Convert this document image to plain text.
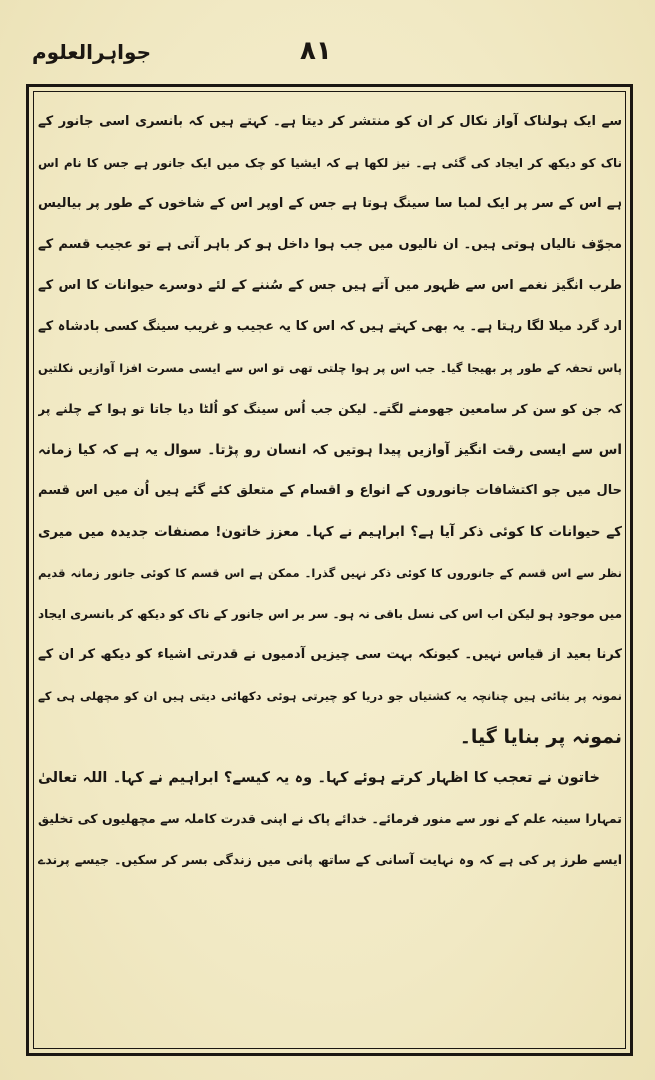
جواہرالعلوم	۸۱
سے ایک ہولناک آواز نکال کر ان کو منتشر کر دیتا ہے۔ کہتے ہیں کہ بانسری اسی جانور کے
ناک کو دیکھ کر ایجاد کی گئی ہے۔ نیز لکھا ہے کہ ایشیا کو چک میں ایک جانور ہے جس کا نام اس
ہے اس کے سر پر ایک لمبا سا سینگ ہوتا ہے جس کے اوپر اس کے شاخوں کے طور پر بیالیس
مجوّف نالیاں ہوتی ہیں۔ ان نالیوں میں جب ہوا داخل ہو کر باہر آتی ہے تو عجیب قسم کے
طرب انگیز نغمے اس سے ظہور میں آتے ہیں جس کے سُننے کے لئے دوسرے حیوانات کا اس کے
ارد گرد میلا لگا رہتا ہے۔ یہ بھی کہتے ہیں کہ اس کا یہ عجیب و غریب سینگ کسی بادشاہ کے
پاس تحفہ کے طور پر بھیجا گیا۔ جب اس پر ہوا چلتی تھی تو اس سے ایسی مسرت افزا آوازیں نکلتیں
کہ جن کو سن کر سامعین جھومنے لگتے۔ لیکن جب اُس سینگ کو اُلٹا دیا جاتا تو ہوا کے چلنے پر
اس سے ایسی رقت انگیز آوازیں پیدا ہوتیں کہ انسان رو پڑتا۔ سوال یہ ہے کہ کیا زمانہ
حال میں جو اکتشافات جانوروں کے انواع و اقسام کے متعلق کئے گئے ہیں اُن میں اس قسم
کے حیوانات کا کوئی ذکر آیا ہے؟ ابراہیم نے کہا۔ معزز خاتون! مصنفات جدیدہ میں میری
نظر سے اس قسم کے جانوروں کا کوئی ذکر نہیں گذرا۔ ممکن ہے اس قسم کا کوئی جانور زمانہ قدیم
میں موجود ہو لیکن اب اس کی نسل باقی نہ ہو۔ سر بر اس جانور کے ناک کو دیکھ کر بانسری ایجاد
کرنا بعید از قیاس نہیں۔ کیونکہ بہت سی چیزیں آدمیوں نے قدرتی اشیاء کو دیکھ کر ان کے
نمونہ پر بنائی ہیں چنانچہ یہ کشتیاں جو دریا کو چیرتی ہوئی دکھائی دیتی ہیں ان کو مچھلی ہی کے
نمونہ پر بنایا گیا۔
خاتون نے تعجب کا اظہار کرتے ہوئے کہا۔ وہ یہ کیسے؟ ابراہیم نے کہا۔ اللہ تعالیٰ
تمہارا سینہ علم کے نور سے منور فرمائے۔ خدائے پاک نے اپنی قدرت کاملہ سے مچھلیوں کی تخلیق
ایسے طرز پر کی ہے کہ وہ نہایت آسانی کے ساتھ پانی میں زندگی بسر کر سکیں۔ جیسے پرندے
